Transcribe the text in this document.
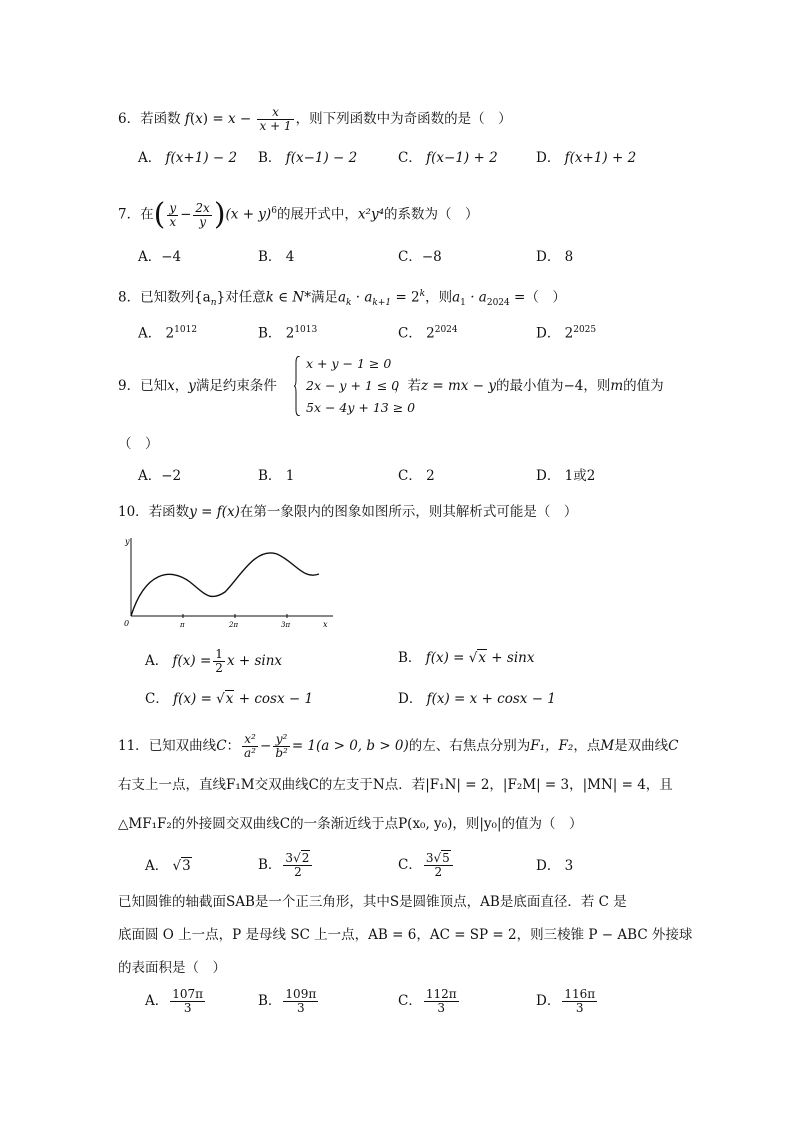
6．若函数 $f(x) = x - \frac{x}{x + 1}$ ，则下列函数中为奇函数的是（　）
A． f(x+1) − 2 B． f(x−1) − 2	C． f(x−1) + 2	D． f(x+1) + 2
7．在( $\frac{y}{x} - \frac{2x}{y} )(x + y)^6$的展开式中，x²y⁴的系数为（　）
A．−4	B． 4	C．−8	D． 8
8．已知数列$\{a_n\}$对任意k ∈ N*满足$a_k \cdot a_{k+1} = 2^k$，则$a_1 \cdot a_{2024}$ =（　）
A． $2^{1012}$	B． $2^{1013}$	C． $2^{2024}$	D． $2^{2025}$
9．已知x，y满足约束条件
x + y − 1 ≥ 0
2x − y + 1 ≤ 0
5x − 4y + 13 ≥ 0
，若z = mx − y的最小值为−4，则m的值为
（　）
A．−2	B． 1	C． 2	D． 1或2
10．若函数y = f(x)在第一象限内的图象如图所示，则其解析式可能是（　）
y
x
0	π	2π	3π
A． $f(x) = \frac{1}{2}$ x + sinx	B． f(x) = √x + sinx
C． f(x) = √x + cosx − 1	D． f(x) = x + cosx − 1
11．已知双曲线C： $\frac{\text{x²}}{\text{a²}} - \frac{\text{y²}}{\text{b²}} = 1(a > 0$, b > 0)的左、右焦点分别为F₁，F₂，点M是双曲线C
右支上一点，直线F₁M交双曲线C的左支于N点．若|F₁N| = 2，|F₂M| = 3，|MN| = 4，且
△MF₁F₂的外接圆交双曲线C的一条渐近线于点P(x₀, y₀)，则|y₀|的值为（　）
A． √3	B． $\frac{3√2}{2}$	C． $\frac{3√5}{2}$	D． 3
已知圆锥的轴截面SAB是一个正三角形，其中S是圆锥顶点，AB是底面直径．若 C 是
底面圆 O 上一点，P 是母线 SC 上一点，AB = 6，AC = SP = 2，则三棱锥 P − ABC 外接球
的表面积是（　）
A． $\frac{107\pi}{3}$	B． $\frac{109\pi}{3}$	C． $\frac{112\pi}{3}$	D． $\frac{116\pi}{3}$
